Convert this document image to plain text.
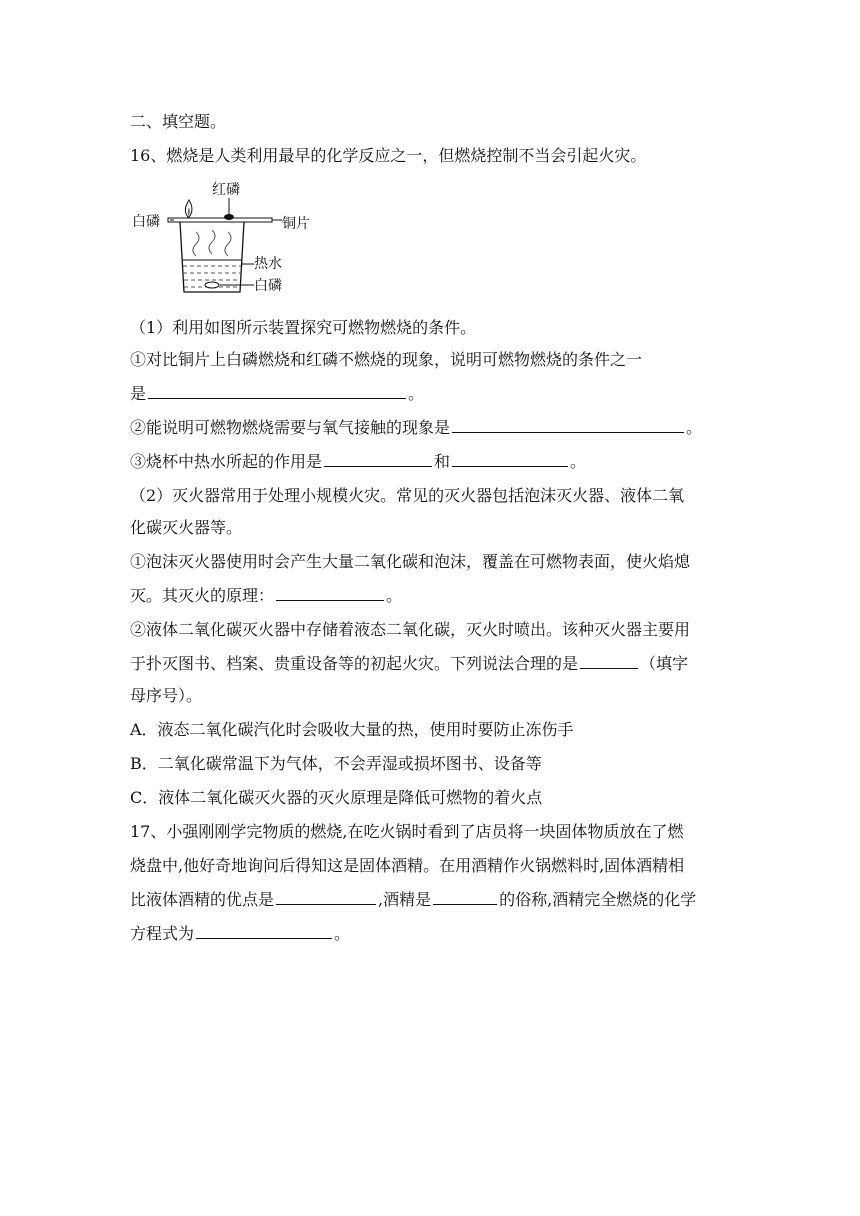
二、填空题。
16、燃烧是人类利用最早的化学反应之一，但燃烧控制不当会引起火灾。
红磷
白磷	铜片
热水
白磷
（1）利用如图所示装置探究可燃物燃烧的条件。
①对比铜片上白磷燃烧和红磷不燃烧的现象，说明可燃物燃烧的条件之一
是	。
②能说明可燃物燃烧需要与氧气接触的现象是	。
③烧杯中热水所起的作用是	和	。
（2）灭火器常用于处理小规模火灾。常见的灭火器包括泡沫灭火器、液体二氧
化碳灭火器等。
①泡沫灭火器使用时会产生大量二氧化碳和泡沫，覆盖在可燃物表面，使火焰熄
灭。其灭火的原理：	。
②液体二氧化碳灭火器中存储着液态二氧化碳，灭火时喷出。该种灭火器主要用
于扑灭图书、档案、贵重设备等的初起火灾。下列说法合理的是	（填字
母序号）。
A．液态二氧化碳汽化时会吸收大量的热，使用时要防止冻伤手
B．二氧化碳常温下为气体，不会弄湿或损坏图书、设备等
C．液体二氧化碳灭火器的灭火原理是降低可燃物的着火点
17、小强刚刚学完物质的燃烧,在吃火锅时看到了店员将一块固体物质放在了燃
烧盘中,他好奇地询问后得知这是固体酒精。在用酒精作火锅燃料时,固体酒精相
比液体酒精的优点是	,酒精是	的俗称,酒精完全燃烧的化学
方程式为	。
